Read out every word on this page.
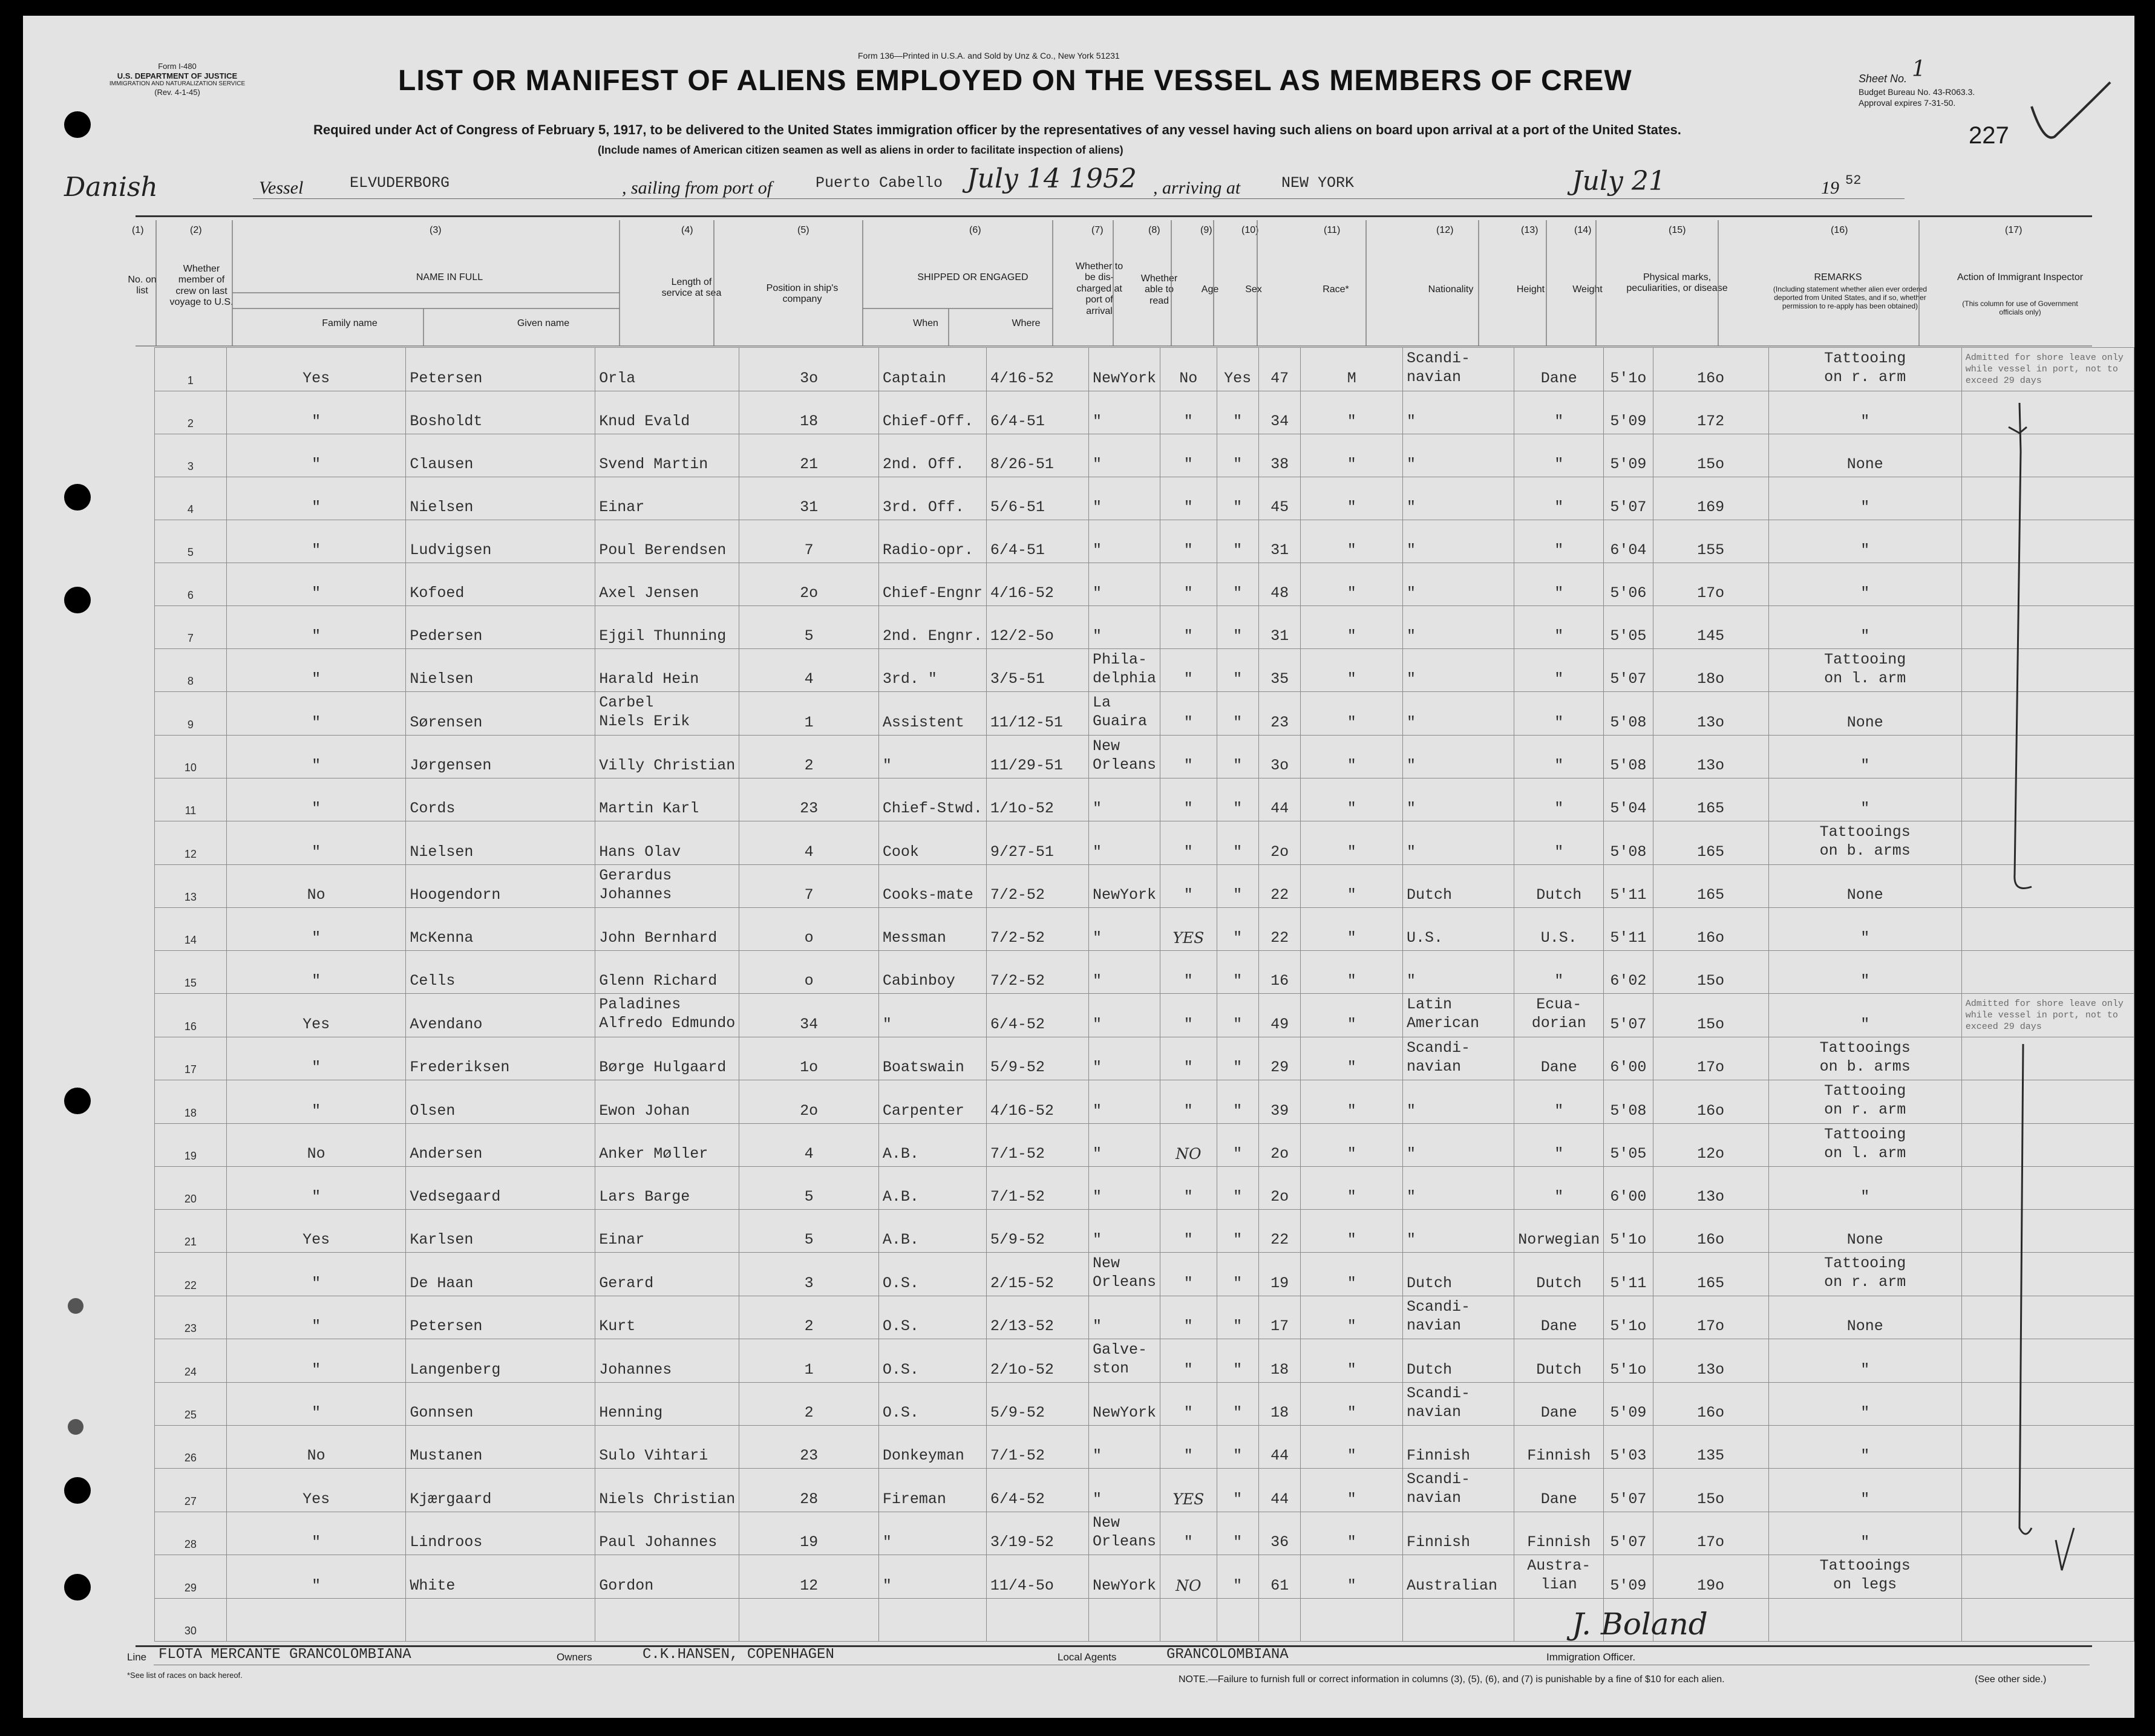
Form I-480
U.S. DEPARTMENT OF JUSTICE
IMMIGRATION AND NATURALIZATION SERVICE
(Rev. 4-1-45)
Form 136—Printed in U.S.A. and Sold by Unz & Co., New York 51231
LIST OR MANIFEST OF ALIENS EMPLOYED ON THE VESSEL AS MEMBERS OF CREW	Sheet No. 1
Budget Bureau No. 43-R063.3.
Approval expires 7-31-50.
227
Required under Act of Congress of February 5, 1917, to be delivered to the United States immigration officer by the representatives of any vessel having such aliens on board upon arrival at a port of the United States.
(Include names of American citizen seamen as well as aliens in order to facilitate inspection of aliens)
Danish	Vessel	ELVUDERBORG	, sailing from port of	Puerto Cabello July 14 1952 , arriving at	NEW YORK	July 21	19 52
(1)	(2)	(3)	(4)	(5)	(6)	(7)	(8)	(9)	(10)	(11)	(12)	(13)	(14)	(15)	(16)	(17)
No. on list
Whether member of crew on last voyage to U.S.
NAME IN FULL
Family name	Given name
Length of service at sea	Position in ship's company
SHIPPED OR ENGAGED
When	Where
Whether to be dis-charged at port of arrival
Whether able to read
Age	Sex	Race*	Nationality	Height	Weight
Physical marks, peculiarities, or disease
REMARKS
(Including statement whether alien ever ordered deported from United States, and if so, whether permission to re-apply has been obtained)
Action of Immigrant Inspector
(This column for use of Government officials only)

	1	Yes	Petersen	Orla	3o	Captain	4/16-52	NewYork	No	Yes	47	M	Scandi-
navian	Dane	5'1o	16o	Tattooing
on r. arm	Admitted for shore leave only
while vessel in port, not to
exceed 29 days

	2	"	Bosholdt	Knud Evald	18	Chief-Off.	6/4-51	"	"	"	34	"	"	"	5'09	172	"	

	3	"	Clausen	Svend Martin	21	2nd. Off.	8/26-51	"	"	"	38	"	"	"	5'09	15o	None	

	4	"	Nielsen	Einar	31	3rd. Off.	5/6-51	"	"	"	45	"	"	"	5'07	169	"	

	5	"	Ludvigsen	Poul Berendsen	7	Radio-opr.	6/4-51	"	"	"	31	"	"	"	6'04	155	"	

	6	"	Kofoed	Axel Jensen	2o	Chief-Engnr	4/16-52	"	"	"	48	"	"	"	5'06	17o	"	

	7	"	Pedersen	Ejgil Thunning	5	2nd. Engnr.	12/2-5o	"	"	"	31	"	"	"	5'05	145	"	

	8	"	Nielsen	Harald Hein	4	3rd. "	3/5-51	Phila-
delphia	"	"	35	"	"	"	5'07	18o	Tattooing
on l. arm	

	9	"	Sørensen	Carbel
Niels Erik	1	Assistent	11/12-51	La
Guaira	"	"	23	"	"	"	5'08	13o	None	

	10	"	Jørgensen	Villy Christian	2	"	11/29-51	New
Orleans	"	"	3o	"	"	"	5'08	13o	"	

	11	"	Cords	Martin Karl	23	Chief-Stwd.	1/1o-52	"	"	"	44	"	"	"	5'04	165	"	

	12	"	Nielsen	Hans Olav	4	Cook	9/27-51	"	"	"	2o	"	"	"	5'08	165	Tattooings
on b. arms	

	13	No	Hoogendorn	Gerardus
Johannes	7	Cooks-mate	7/2-52	NewYork	"	"	22	"	Dutch	Dutch	5'11	165	None	

	14	"	McKenna	John Bernhard	o	Messman	7/2-52	"	YES	"	22	"	U.S.	U.S.	5'11	16o	"	

	15	"	Cells	Glenn Richard	o	Cabinboy	7/2-52	"	"	"	16	"	"	"	6'02	15o	"	

	16	Yes	Avendano	Paladines
Alfredo Edmundo	34	"	6/4-52	"	"	"	49	"	Latin
American	Ecua-
dorian	5'07	15o	"	Admitted for shore leave only
while vessel in port, not to
exceed 29 days

	17	"	Frederiksen	Børge Hulgaard	1o	Boatswain	5/9-52	"	"	"	29	"	Scandi-
navian	Dane	6'00	17o	Tattooings
on b. arms	

	18	"	Olsen	Ewon Johan	2o	Carpenter	4/16-52	"	"	"	39	"	"	"	5'08	16o	Tattooing
on r. arm	

	19	No	Andersen	Anker Møller	4	A.B.	7/1-52	"	NO	"	2o	"	"	"	5'05	12o	Tattooing
on l. arm	

	20	"	Vedsegaard	Lars Barge	5	A.B.	7/1-52	"	"	"	2o	"	"	"	6'00	13o	"	

	21	Yes	Karlsen	Einar	5	A.B.	5/9-52	"	"	"	22	"	"	Norwegian	5'1o	16o	None	

	22	"	De Haan	Gerard	3	O.S.	2/15-52	New
Orleans	"	"	19	"	Dutch	Dutch	5'11	165	Tattooing
on r. arm	

	23	"	Petersen	Kurt	2	O.S.	2/13-52	"	"	"	17	"	Scandi-
navian	Dane	5'1o	17o	None	

	24	"	Langenberg	Johannes	1	O.S.	2/1o-52	Galve-
ston	"	"	18	"	Dutch	Dutch	5'1o	13o	"	

	25	"	Gonnsen	Henning	2	O.S.	5/9-52	NewYork	"	"	18	"	Scandi-
navian	Dane	5'09	16o	"	

	26	No	Mustanen	Sulo Vihtari	23	Donkeyman	7/1-52	"	"	"	44	"	Finnish	Finnish	5'03	135	"	

	27	Yes	Kjærgaard	Niels Christian	28	Fireman	6/4-52	"	YES	"	44	"	Scandi-
navian	Dane	5'07	15o	"	

	28	"	Lindroos	Paul Johannes	19	"	3/19-52	New
Orleans	"	"	36	"	Finnish	Finnish	5'07	17o	"	

	29	"	White	Gordon	12	"	11/4-5o	NewYork	NO	"	61	"	Australian	Austra-
lian	5'09	19o	Tattooings
on legs	

	30																	

		J. Boland
Line FLOTA MERCANTE GRANCOLOMBIANA	Owners	C.K.HANSEN, COPENHAGEN	Local Agents	GRANCOLOMBIANA	Immigration Officer.
*See list of races on back hereof.	NOTE.—Failure to furnish full or correct information in columns (3), (5), (6), and (7) is punishable by a fine of $10 for each alien.	(See other side.)
